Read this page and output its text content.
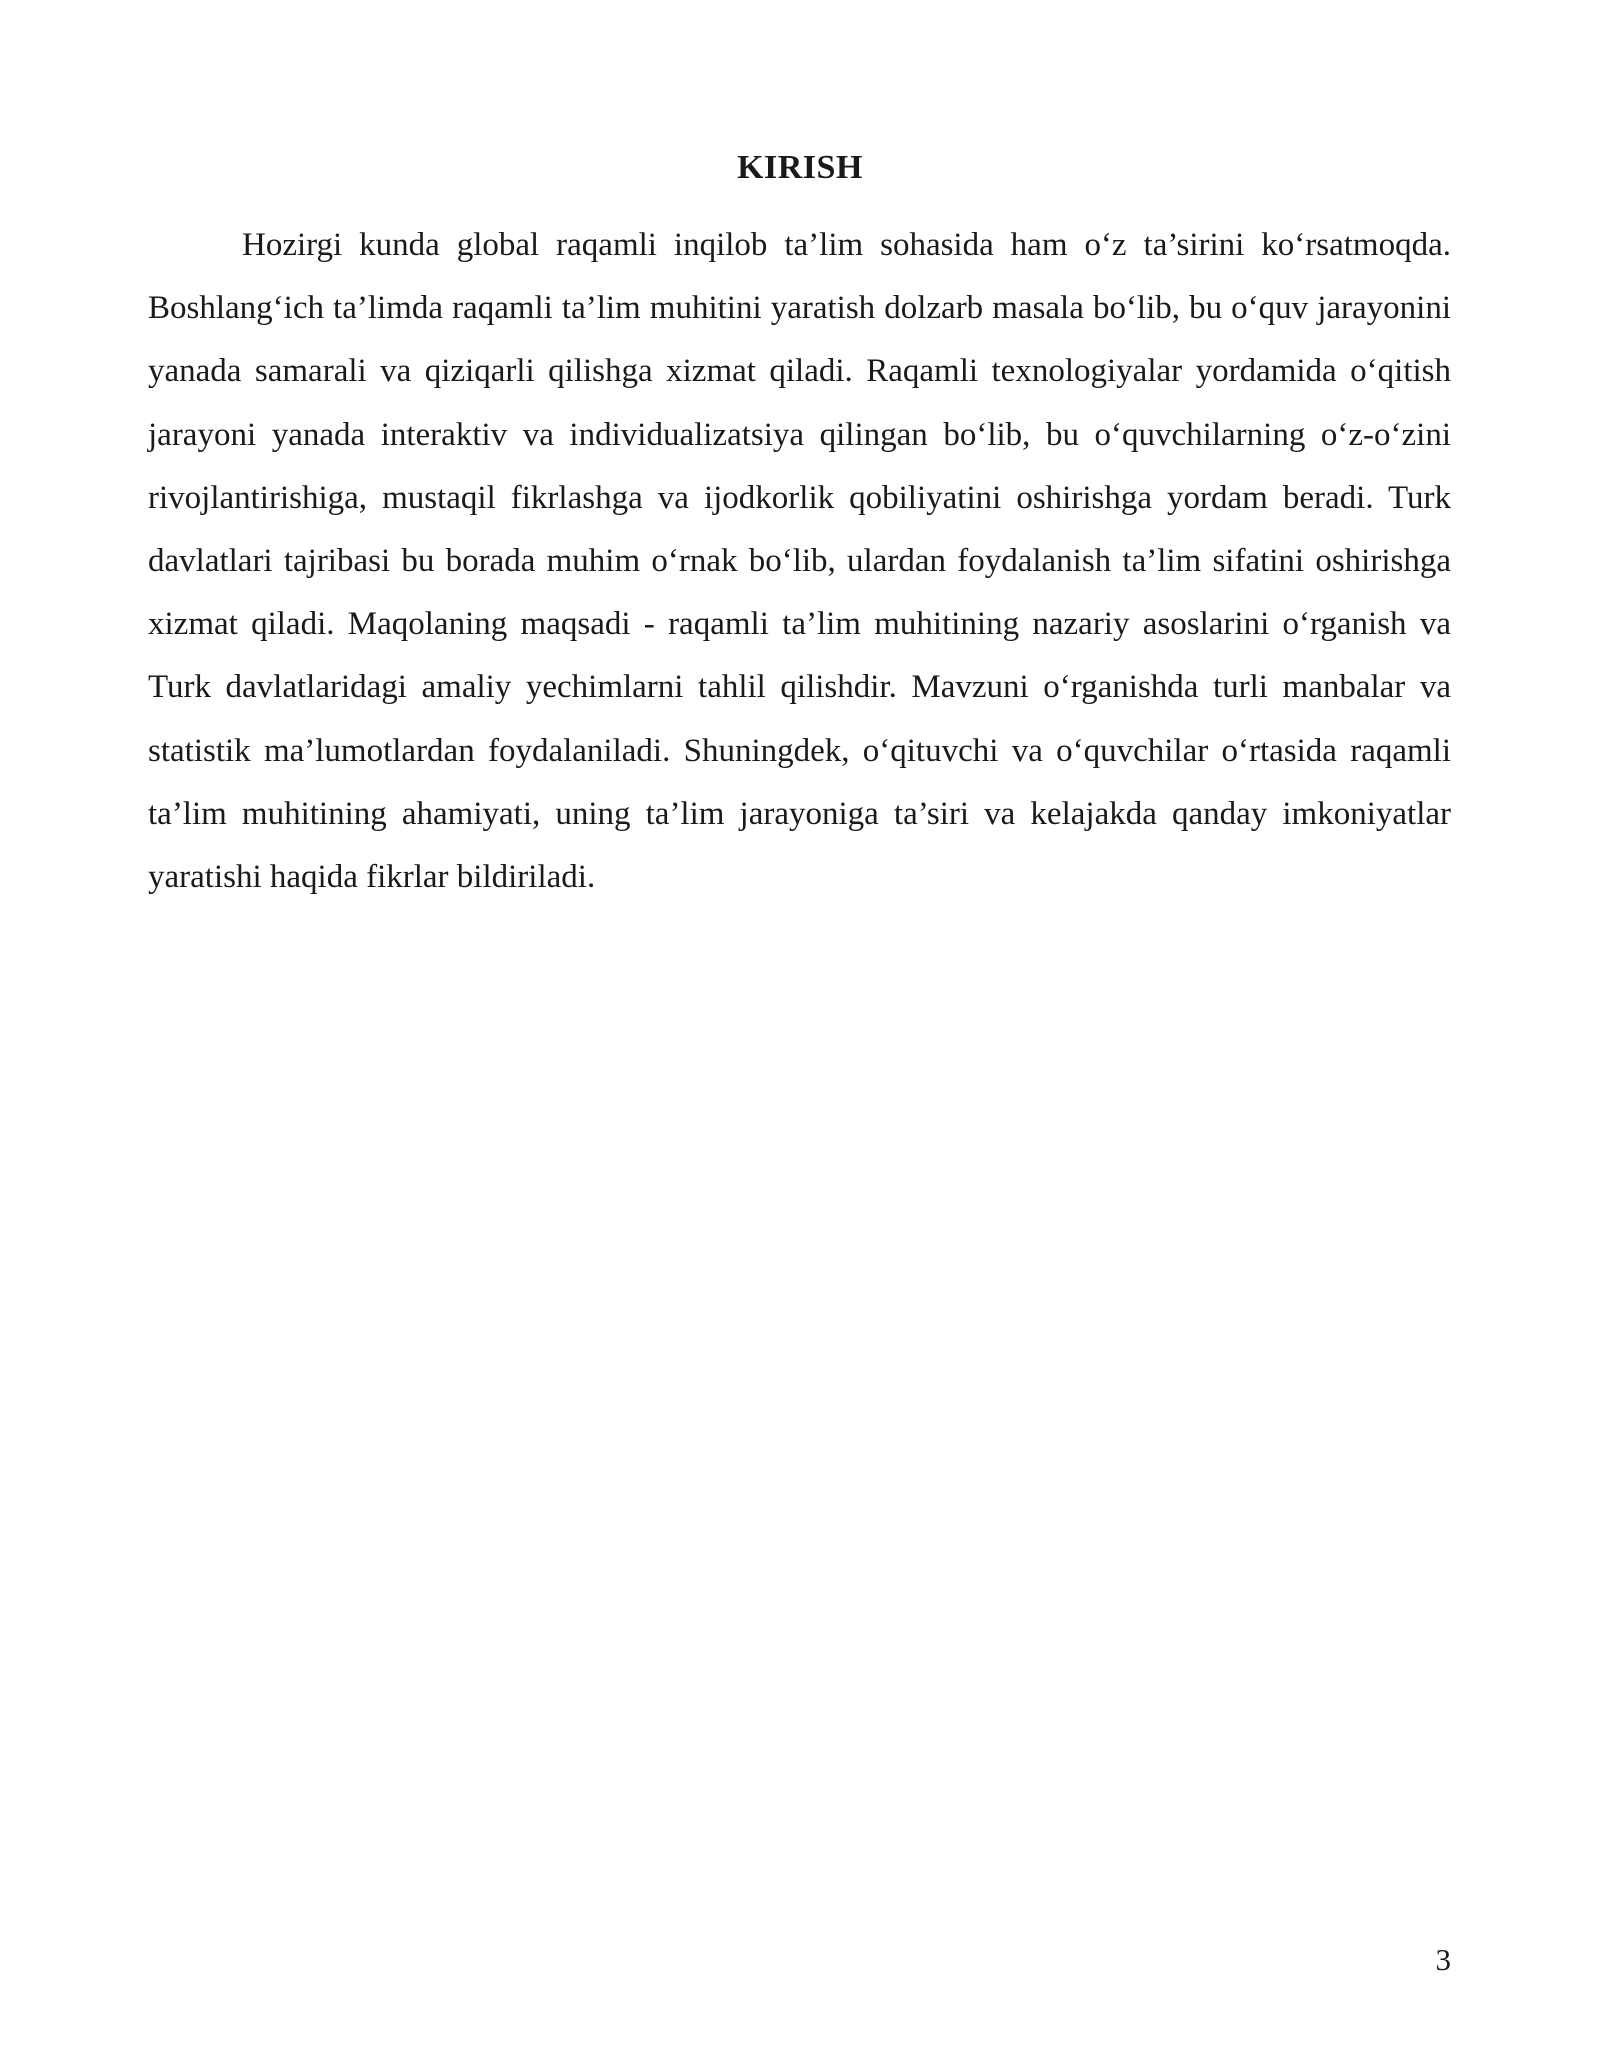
KIRISH

Hozirgi kunda global raqamli inqilob ta’lim sohasida ham o‘z ta’sirini ko‘rsatmoqda. Boshlang‘ich ta’limda raqamli ta’lim muhitini yaratish dolzarb masala bo‘lib, bu o‘quv jarayonini yanada samarali va qiziqarli qilishga xizmat qiladi. Raqamli texnologiyalar yordamida o‘qitish jarayoni yanada interaktiv va individualizatsiya qilingan bo‘lib, bu o‘quvchilarning o‘z-o‘zini rivojlantirishiga, mustaqil fikrlashga va ijodkorlik qobiliyatini oshirishga yordam beradi. Turk davlatlari tajribasi bu borada muhim o‘rnak bo‘lib, ulardan foydalanish ta’lim sifatini oshirishga xizmat qiladi. Maqolaning maqsadi - raqamli ta’lim muhitining nazariy asoslarini o‘rganish va Turk davlatlaridagi amaliy yechimlarni tahlil qilishdir. Mavzuni o‘rganishda turli manbalar va statistik ma’lumotlardan foydalaniladi. Shuningdek, o‘qituvchi va o‘quvchilar o‘rtasida raqamli ta’lim muhitining ahamiyati, uning ta’lim jarayoniga ta’siri va kelajakda qanday imkoniyatlar yaratishi haqida fikrlar bildiriladi.

3
